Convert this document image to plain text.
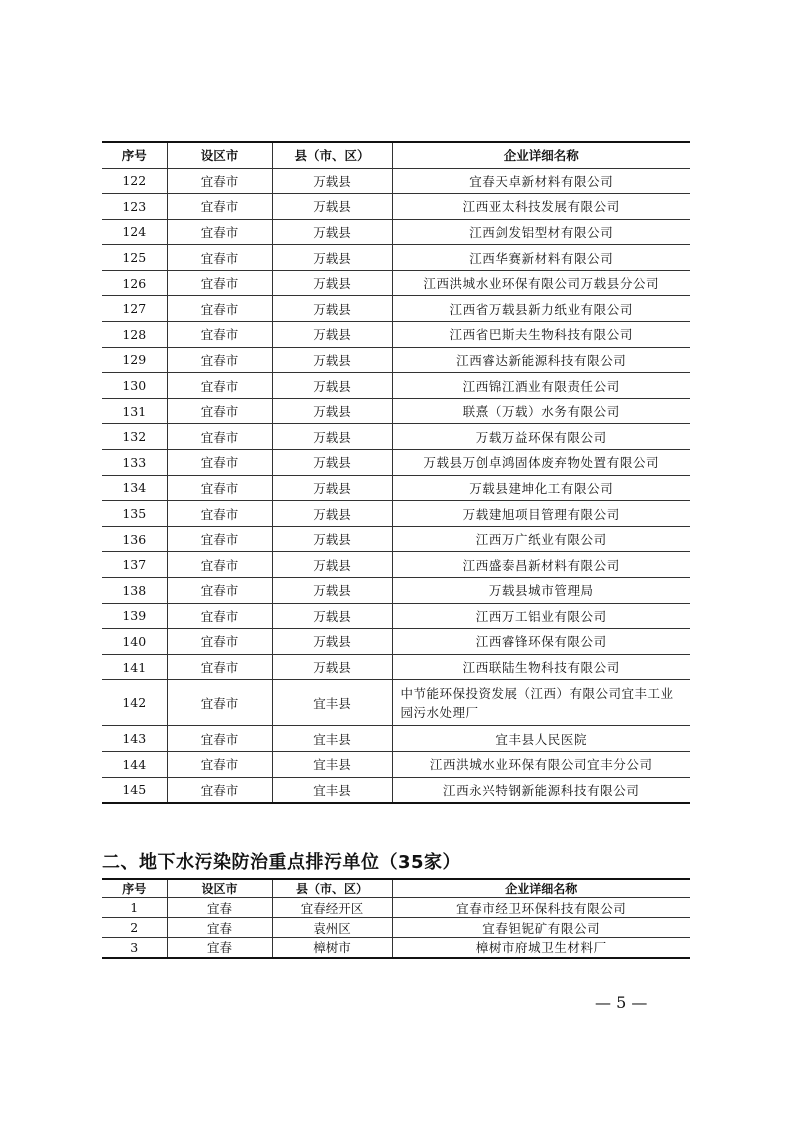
序号	设区市	县（市、区）	企业详细名称
122	宜春市	万载县	宜春天卓新材料有限公司
123	宜春市	万载县	江西亚太科技发展有限公司
124	宜春市	万载县	江西剑发铝型材有限公司
125	宜春市	万载县	江西华赛新材料有限公司
126	宜春市	万载县	江西洪城水业环保有限公司万载县分公司
127	宜春市	万载县	江西省万载县新力纸业有限公司
128	宜春市	万载县	江西省巴斯夫生物科技有限公司
129	宜春市	万载县	江西睿达新能源科技有限公司
130	宜春市	万载县	江西锦江酒业有限责任公司
131	宜春市	万载县	联熹（万载）水务有限公司
132	宜春市	万载县	万载万益环保有限公司
133	宜春市	万载县	万载县万创卓鸿固体废弃物处置有限公司
134	宜春市	万载县	万载县建坤化工有限公司
135	宜春市	万载县	万载建旭项目管理有限公司
136	宜春市	万载县	江西万广纸业有限公司
137	宜春市	万载县	江西盛泰昌新材料有限公司
138	宜春市	万载县	万载县城市管理局
139	宜春市	万载县	江西万工铝业有限公司
140	宜春市	万载县	江西睿锋环保有限公司
141	宜春市	万载县	江西联陆生物科技有限公司
142	宜春市	宜丰县	中节能环保投资发展（江西）有限公司宜丰工业园污水处理厂
143	宜春市	宜丰县	宜丰县人民医院
144	宜春市	宜丰县	江西洪城水业环保有限公司宜丰分公司
145	宜春市	宜丰县	江西永兴特钢新能源科技有限公司
二、地下水污染防治重点排污单位（35家）
序号	设区市	县（市、区）	企业详细名称
1	宜春	宜春经开区	宜春市经卫环保科技有限公司
2	宜春	袁州区	宜春钽铌矿有限公司
3	宜春	樟树市	樟树市府城卫生材料厂
— 5 —
